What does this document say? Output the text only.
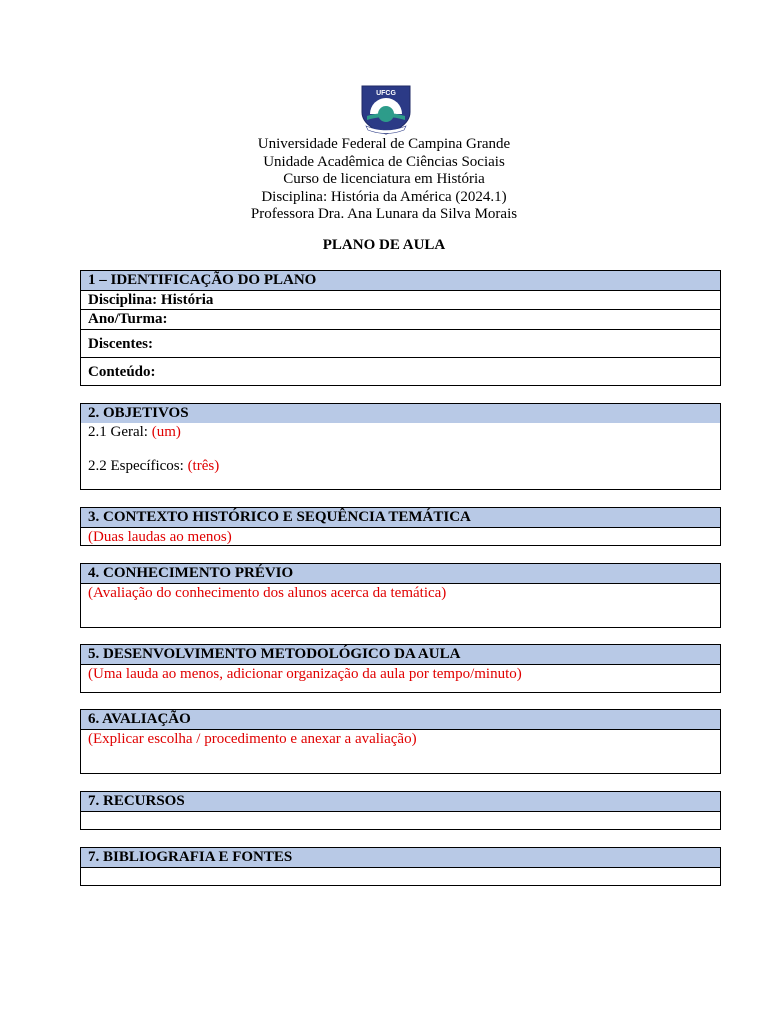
UFCG
Universidade Federal de Campina Grande
Unidade Acadêmica de Ciências Sociais
Curso de licenciatura em História
Disciplina: História da América (2024.1)
Professora Dra. Ana Lunara da Silva Morais
PLANO DE AULA
1 – IDENTIFICAÇÃO DO PLANO
Disciplina: História
Ano/Turma:
Discentes:
Conteúdo:
2. OBJETIVOS
2.1 Geral: (um)
2.2 Específicos: (três)
3. CONTEXTO HISTÓRICO E SEQUÊNCIA TEMÁTICA
(Duas laudas ao menos)
4. CONHECIMENTO PRÉVIO
(Avaliação do conhecimento dos alunos acerca da temática)
5. DESENVOLVIMENTO METODOLÓGICO DA AULA
(Uma lauda ao menos, adicionar organização da aula por tempo/minuto)
6. AVALIAÇÃO
(Explicar escolha / procedimento e anexar a avaliação)
7. RECURSOS
7. BIBLIOGRAFIA E FONTES
